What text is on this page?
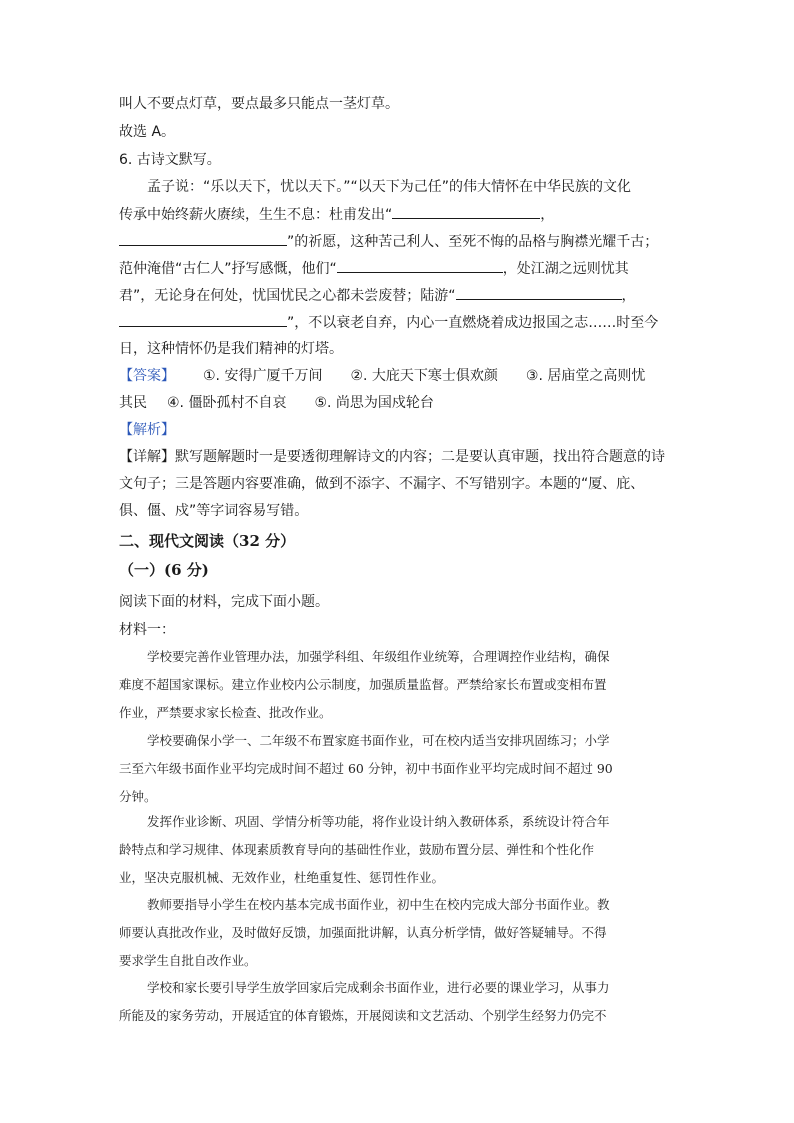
叫人不要点灯草，要点最多只能点一茎灯草。
故选 A。
6. 古诗文默写。
孟子说：“乐以天下，忧以天下。”“以天下为己任”的伟大情怀在中华民族的文化
传承中始终薪火赓续，生生不息：杜甫发出“	，
”的祈愿，这种苦己利人、至死不悔的品格与胸襟光耀千古；
范仲淹借“古仁人”抒写感慨，他们“	，处江湖之远则忧其
君”，无论身在何处，忧国忧民之心都未尝废替；陆游“	，
”，不以衰老自弃，内心一直燃烧着成边报国之志……时至今
日，这种情怀仍是我们精神的灯塔。
【答案】 ①. 安得广厦千万间 ②. 大庇天下寒士俱欢颜 ③. 居庙堂之高则忧
其民 ④. 僵卧孤村不自哀 ⑤. 尚思为国戍轮台
【解析】
【详解】默写题解题时一是要透彻理解诗文的内容；二是要认真审题，找出符合题意的诗
文句子；三是答题内容要准确，做到不添字、不漏字、不写错别字。本题的“厦、庇、
俱、僵、戍”等字词容易写错。
二、现代文阅读（32 分）
（一）(6 分)
阅读下面的材料，完成下面小题。
材料一：
学校要完善作业管理办法，加强学科组、年级组作业统筹，合理调控作业结构，确保
难度不超国家课标。建立作业校内公示制度，加强质量监督。严禁给家长布置或变相布置
作业，严禁要求家长检查、批改作业。
学校要确保小学一、二年级不布置家庭书面作业，可在校内适当安排巩固练习；小学
三至六年级书面作业平均完成时间不超过 60 分钟，初中书面作业平均完成时间不超过 90
分钟。
发挥作业诊断、巩固、学情分析等功能，将作业设计纳入教研体系，系统设计符合年
龄特点和学习规律、体现素质教育导向的基础性作业，鼓励布置分层、弹性和个性化作
业，坚决克服机械、无效作业，杜绝重复性、惩罚性作业。
教师要指导小学生在校内基本完成书面作业，初中生在校内完成大部分书面作业。教
师要认真批改作业，及时做好反馈，加强面批讲解，认真分析学情，做好答疑辅导。不得
要求学生自批自改作业。
学校和家长要引导学生放学回家后完成剩余书面作业，进行必要的课业学习，从事力
所能及的家务劳动，开展适宜的体育锻炼，开展阅读和文艺活动、个别学生经努力仍完不
